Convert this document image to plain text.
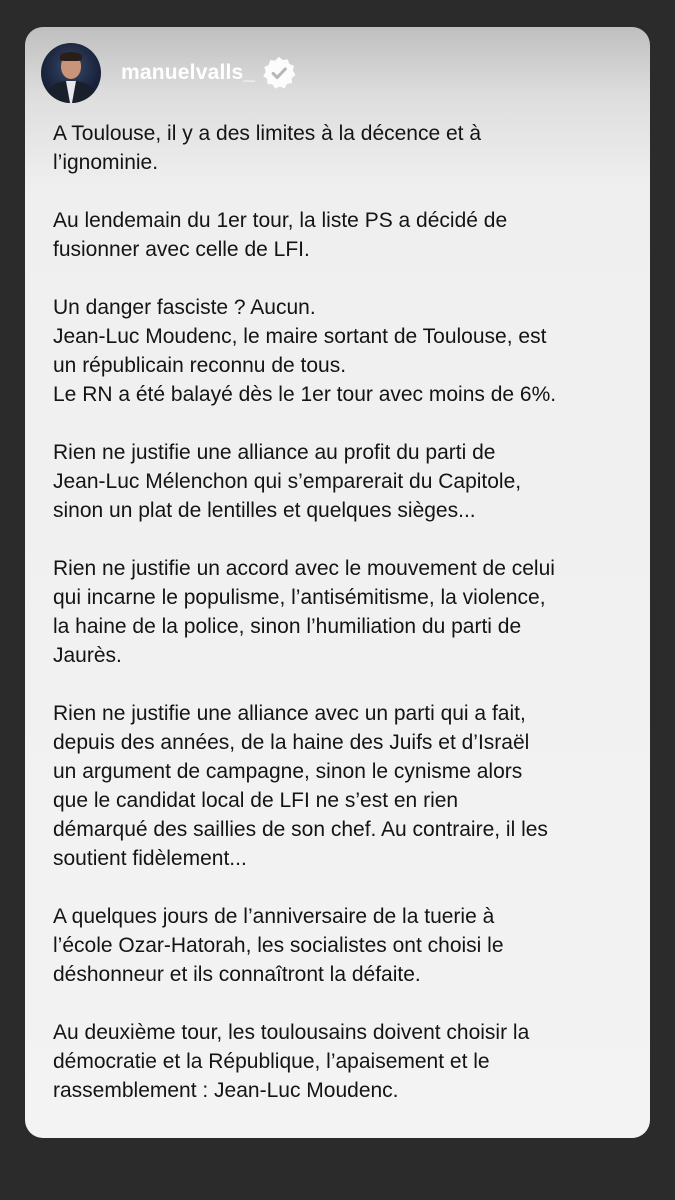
manuelvalls_

A Toulouse, il y a des limites à la décence et à
l’ignominie.

Au lendemain du 1er tour, la liste PS a décidé de
fusionner avec celle de LFI.

Un danger fasciste ? Aucun.
Jean-Luc Moudenc, le maire sortant de Toulouse, est
un républicain reconnu de tous.
Le RN a été balayé dès le 1er tour avec moins de 6%.

Rien ne justifie une alliance au profit du parti de
Jean-Luc Mélenchon qui s’emparerait du Capitole,
sinon un plat de lentilles et quelques sièges...

Rien ne justifie un accord avec le mouvement de celui
qui incarne le populisme, l’antisémitisme, la violence,
la haine de la police, sinon l’humiliation du parti de
Jaurès.

Rien ne justifie une alliance avec un parti qui a fait,
depuis des années, de la haine des Juifs et d’Israël
un argument de campagne, sinon le cynisme alors
que le candidat local de LFI ne s’est en rien
démarqué des saillies de son chef. Au contraire, il les
soutient fidèlement...

A quelques jours de l’anniversaire de la tuerie à
l’école Ozar-Hatorah, les socialistes ont choisi le
déshonneur et ils connaîtront la défaite.

Au deuxième tour, les toulousains doivent choisir la
démocratie et la République, l’apaisement et le
rassemblement : Jean-Luc Moudenc.
